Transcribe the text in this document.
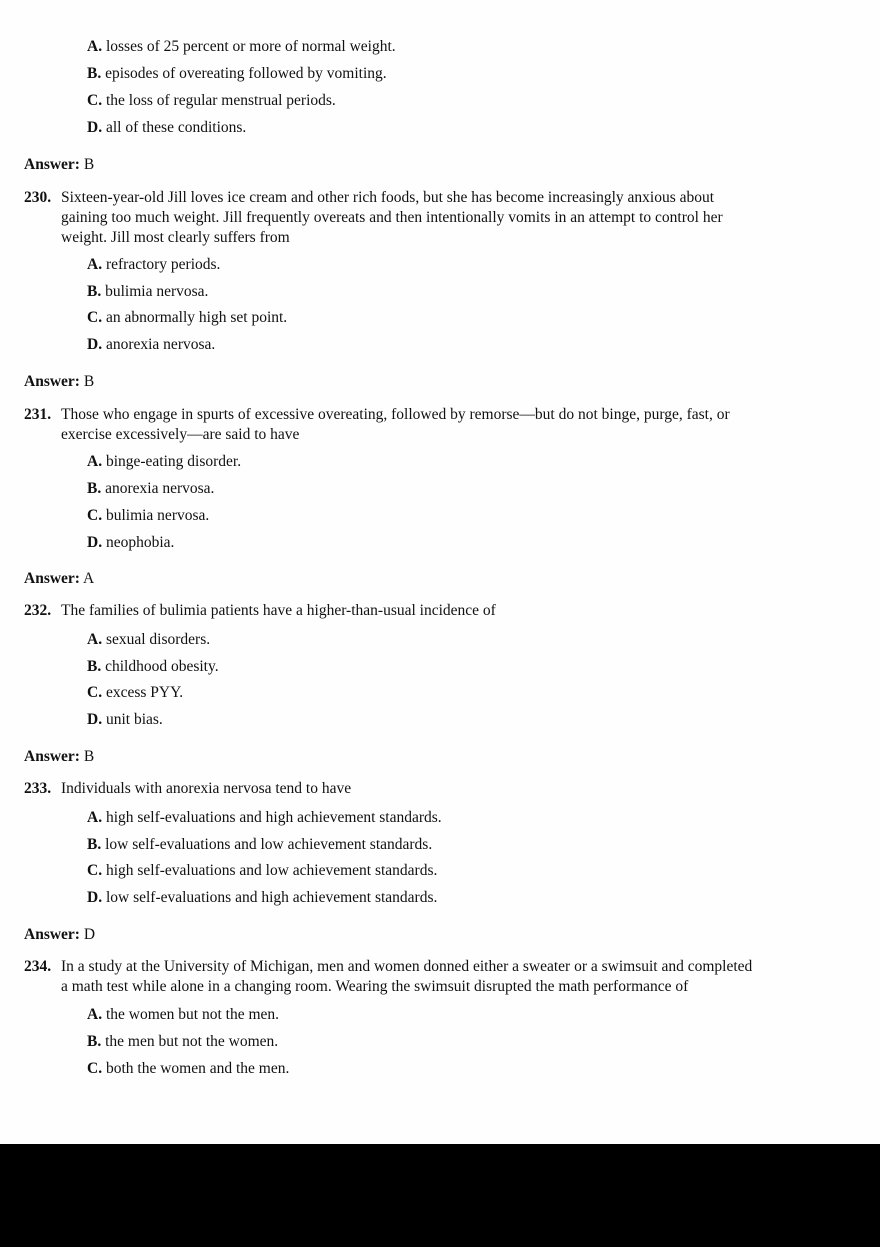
A. losses of 25 percent or more of normal weight.
B. episodes of overeating followed by vomiting.
C. the loss of regular menstrual periods.
D. all of these conditions.
Answer: B
230. Sixteen-year-old Jill loves ice cream and other rich foods, but she has become increasingly anxious about
gaining too much weight. Jill frequently overeats and then intentionally vomits in an attempt to control her
weight. Jill most clearly suffers from
A. refractory periods.
B. bulimia nervosa.
C. an abnormally high set point.
D. anorexia nervosa.
Answer: B
231. Those who engage in spurts of excessive overeating, followed by remorse—but do not binge, purge, fast, or
exercise excessively—are said to have
A. binge-eating disorder.
B. anorexia nervosa.
C. bulimia nervosa.
D. neophobia.
Answer: A
232. The families of bulimia patients have a higher-than-usual incidence of
A. sexual disorders.
B. childhood obesity.
C. excess PYY.
D. unit bias.
Answer: B
233. Individuals with anorexia nervosa tend to have
A. high self-evaluations and high achievement standards.
B. low self-evaluations and low achievement standards.
C. high self-evaluations and low achievement standards.
D. low self-evaluations and high achievement standards.
Answer: D
234. In a study at the University of Michigan, men and women donned either a sweater or a swimsuit and completed
a math test while alone in a changing room. Wearing the swimsuit disrupted the math performance of
A. the women but not the men.
B. the men but not the women.
C. both the women and the men.
